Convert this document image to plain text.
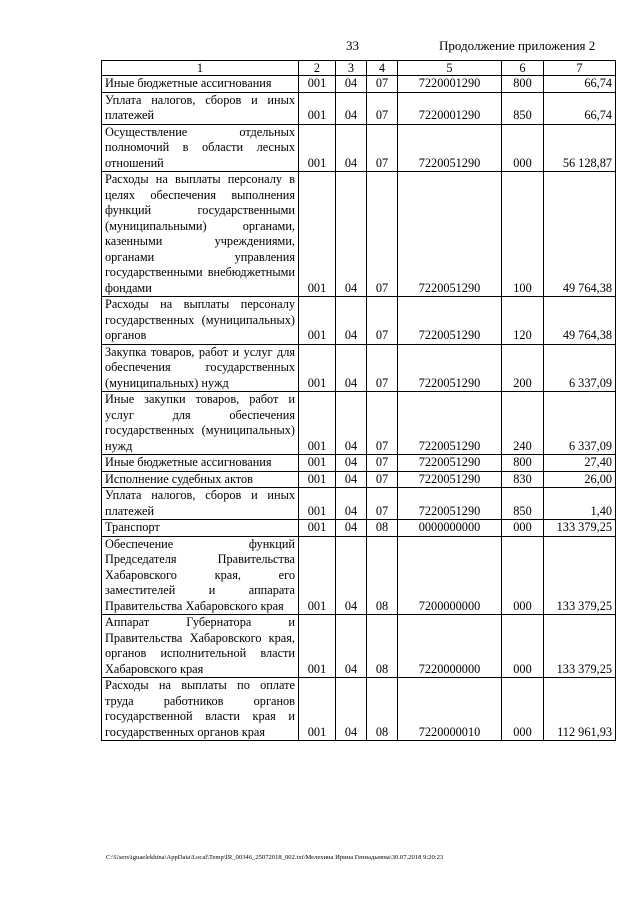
33	Продолжение приложения 2
1	2	3	4	5	6	7

Иные бюджетные ассигнования	001	04	07	7220001290	800	66,74

Уплата налогов, сборов и иных платежей	001	04	07	7220001290	850	66,74

Осуществление отдельных полномочий в области лесных отношений	001	04	07	7220051290	000	56 128,87

Расходы на выплаты персоналу в целях обеспечения выполнения функций государственными (муниципальными) органами, казенными учреждениями, органами управления государственными внебюджетными фондами	001	04	07	7220051290	100	49 764,38

Расходы на выплаты персоналу государственных (муниципальных) органов	001	04	07	7220051290	120	49 764,38

Закупка товаров, работ и услуг для обеспечения государственных (муниципальных) нужд	001	04	07	7220051290	200	6 337,09

Иные закупки товаров, работ и услуг для обеспечения государственных (муниципальных) нужд	001	04	07	7220051290	240	6 337,09

Иные бюджетные ассигнования	001	04	07	7220051290	800	27,40

Исполнение судебных актов	001	04	07	7220051290	830	26,00

Уплата налогов, сборов и иных платежей	001	04	07	7220051290	850	1,40

Транспорт	001	04	08	0000000000	000	133 379,25

Обеспечение функций Председателя Правительства Хабаровского края, его заместителей и аппарата Правительства Хабаровского края	001	04	08	7200000000	000	133 379,25

Аппарат Губернатора и Правительства Хабаровского края, органов исполнительной власти Хабаровского края	001	04	08	7220000000	000	133 379,25

Расходы на выплаты по оплате труда работников органов государственной власти края и государственных органов края	001	04	08	7220000010	000	112 961,93
C:\Users\iguaelekhina\AppData\Local\Temp\IR_00346_25072018_002.txt\Мелехина Ирина Геннадьевна\30.07.2018 9:20:23
